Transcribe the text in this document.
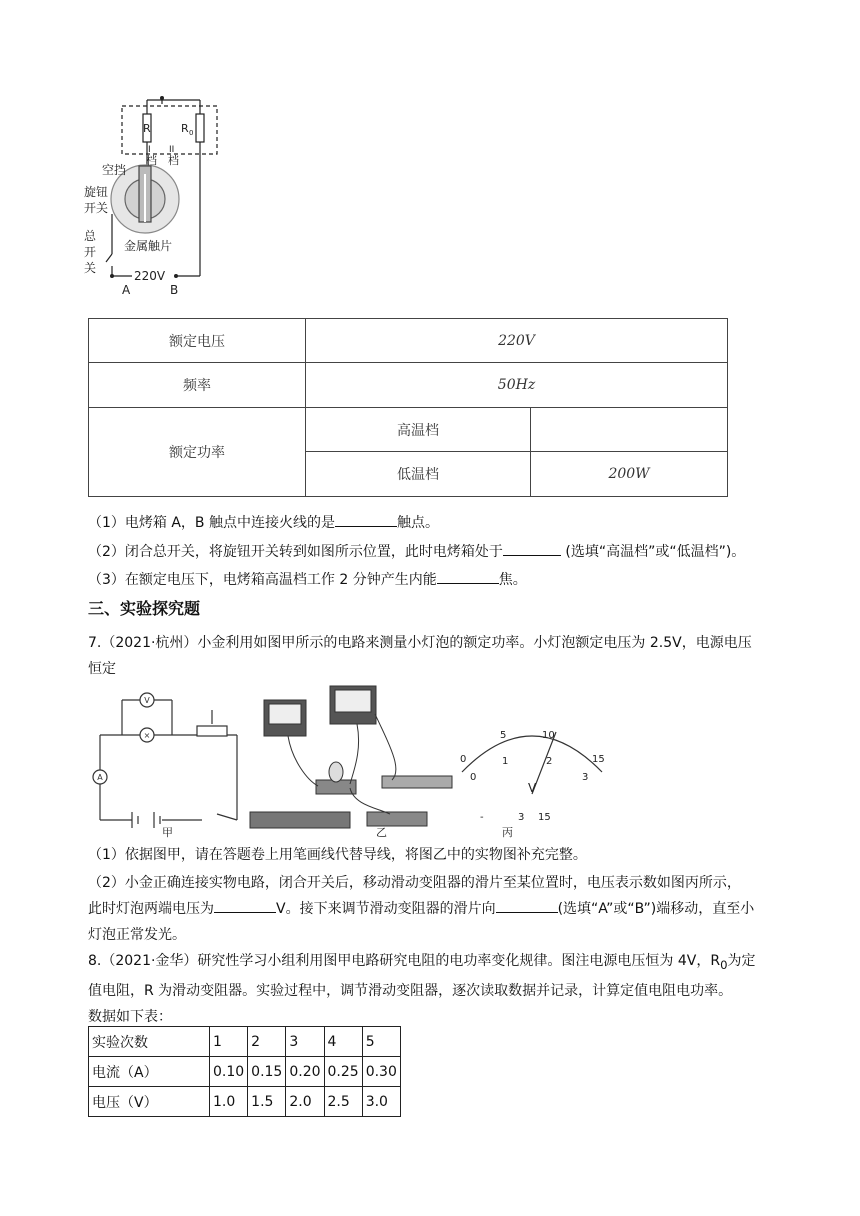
R	R 0
I
档
II
档
空挡
旋钮
开关
总
开
关
金属触片
220V
A	B
额定电压	220V	
频率	50Hz	
额定功率	高温档	
	低温档	200W
（1）电烤箱 A，B 触点中连接火线的是	触点。
（2）闭合总开关，将旋钮开关转到如图所示位置，此时电烤箱处于	(选填“高温档”或“低温档”)。
（3）在额定电压下，电烤箱高温档工作 2 分钟产生内能	焦。
三、实验探究题
7.（2021·杭州）小金利用如图甲所示的电路来测量小灯泡的额定功率。小灯泡额定电压为 2.5V，电源电压
恒定
A
V
×
甲	乙
0
5	10
15
0
1	2
3
V
-	3 15
丙
（1）依据图甲，请在答题卷上用笔画线代替导线，将图乙中的实物图补充完整。
（2）小金正确连接实物电路，闭合开关后，移动滑动变阻器的滑片至某位置时，电压表示数如图丙所示，
此时灯泡两端电压为	V。接下来调节滑动变阻器的滑片向	(选填“A”或“B”)端移动，直至小
灯泡正常发光。
8.（2021·金华）研究性学习小组利用图甲电路研究电阻的电功率变化规律。图注电源电压恒为 4V，$R_0$为定
值电阻，R 为滑动变阻器。实验过程中，调节滑动变阻器，逐次读取数据并记录，计算定值电阻电功率。
数据如下表：
实验次数	1	2	3	4	5
电流（A）	0.10	0.15	0.20	0.25	0.30
电压（V）	1.0	1.5	2.0	2.5	3.0
